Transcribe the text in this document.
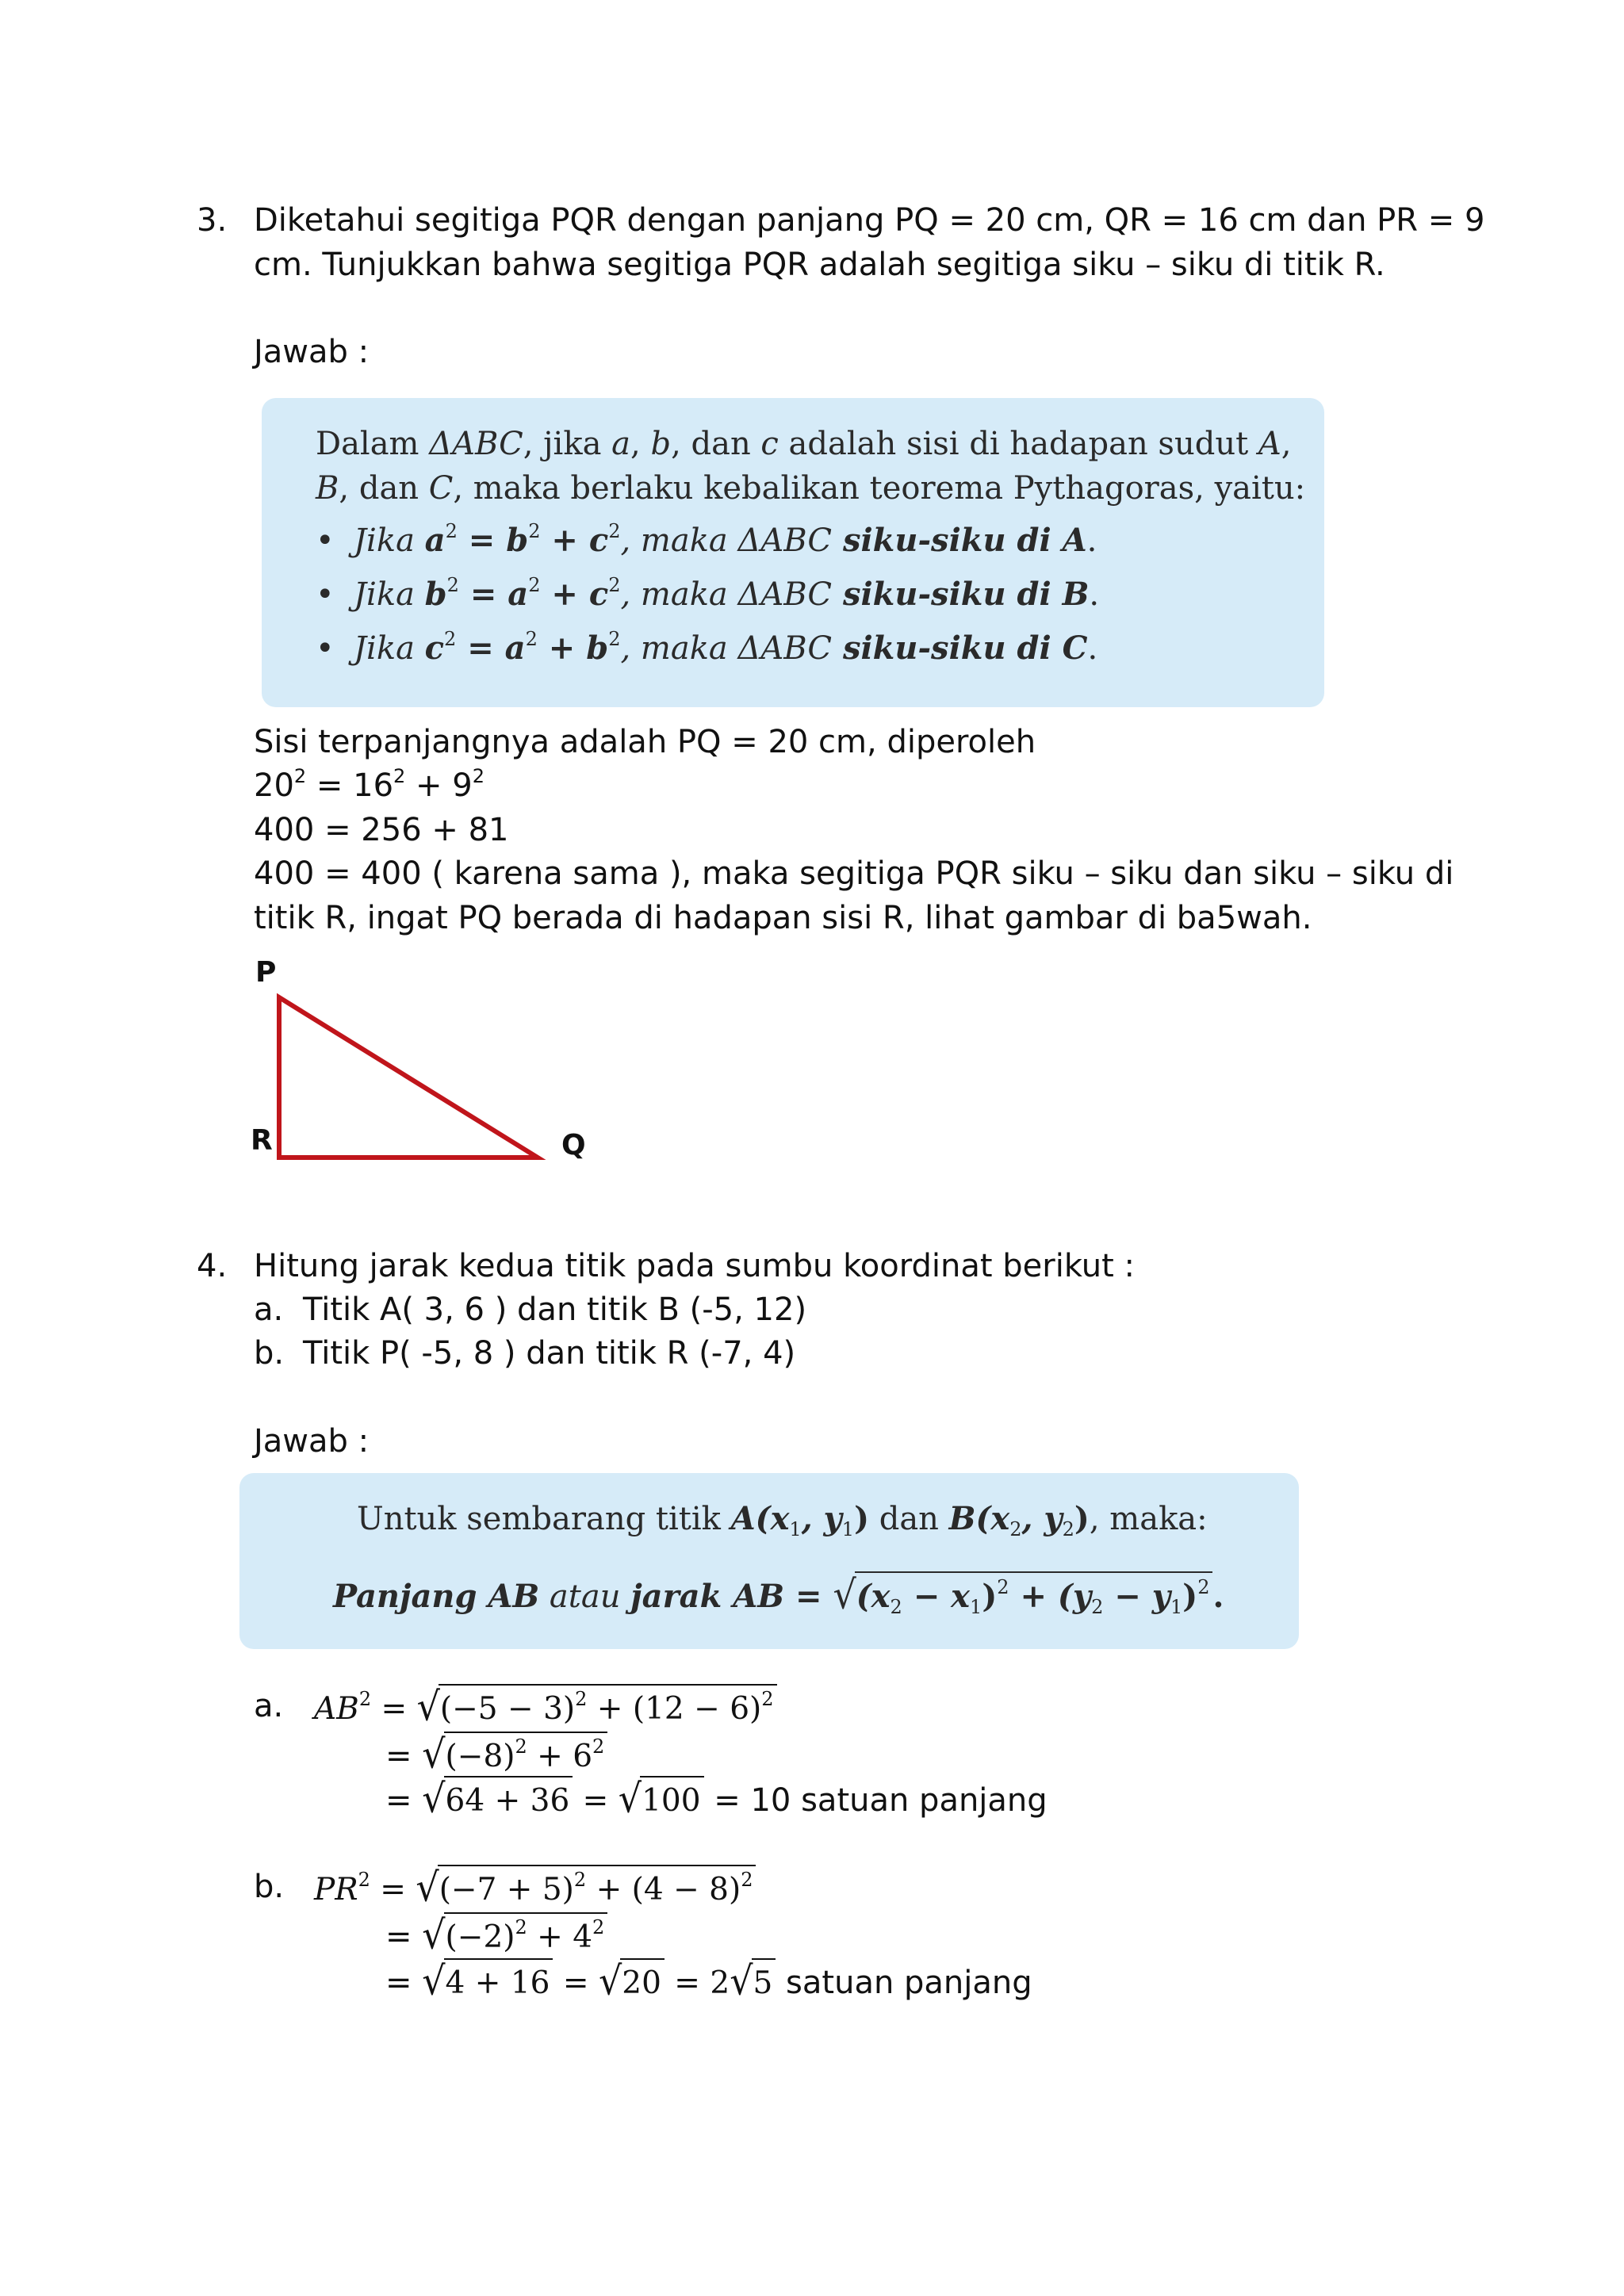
3. Diketahui segitiga PQR dengan panjang PQ = 20 cm, QR = 16 cm dan PR = 9
cm. Tunjukkan bahwa segitiga PQR adalah segitiga siku – siku di titik R.
Jawab :
Dalam ΔABC, jika a, b, dan c adalah sisi di hadapan sudut A,
B, dan C, maka berlaku kebalikan teorema Pythagoras, yaitu:
• Jika $a^2 = b^2 + c^2$, maka ΔABC siku-siku di A.
• Jika $b^2 = a^2 + c^2$, maka ΔABC siku-siku di B.
• Jika $c^2 = a^2 + b^2$, maka ΔABC siku-siku di C.
Sisi terpanjangnya adalah PQ = 20 cm, diperoleh
$20^2 = 16^2 + 9^2$
400 = 256 + 81
400 = 400 ( karena sama ), maka segitiga PQR siku – siku dan siku – siku di
titik R, ingat PQ berada di hadapan sisi R, lihat gambar di ba5wah.
P
R	Q
4. Hitung jarak kedua titik pada sumbu koordinat berikut :
a. Titik A( 3, 6 ) dan titik B (-5, 12)
b. Titik P( -5, 8 ) dan titik R (-7, 4)
Jawab :
Untuk sembarang titik $A(x_1$, $y_1$) dan $B(x_2$, $y_2$), maka:
Panjang AB atau jarak AB = $√(x_2 - x_1)^2 + (y_2 - y_1)^2$ .
a. $AB^2 = √(-5 - 3)^2 + (12 - 6)^2$
= $√(-8)^2 + 6^2$
= √64 + 36 = √100 = 10 satuan panjang
b. $PR^2 = √(-7 + 5)^2 + (4 - 8)^2$
= $√(-2)^2 + 4^2$
= √4 + 16 = √20 = 2√5 satuan panjang
